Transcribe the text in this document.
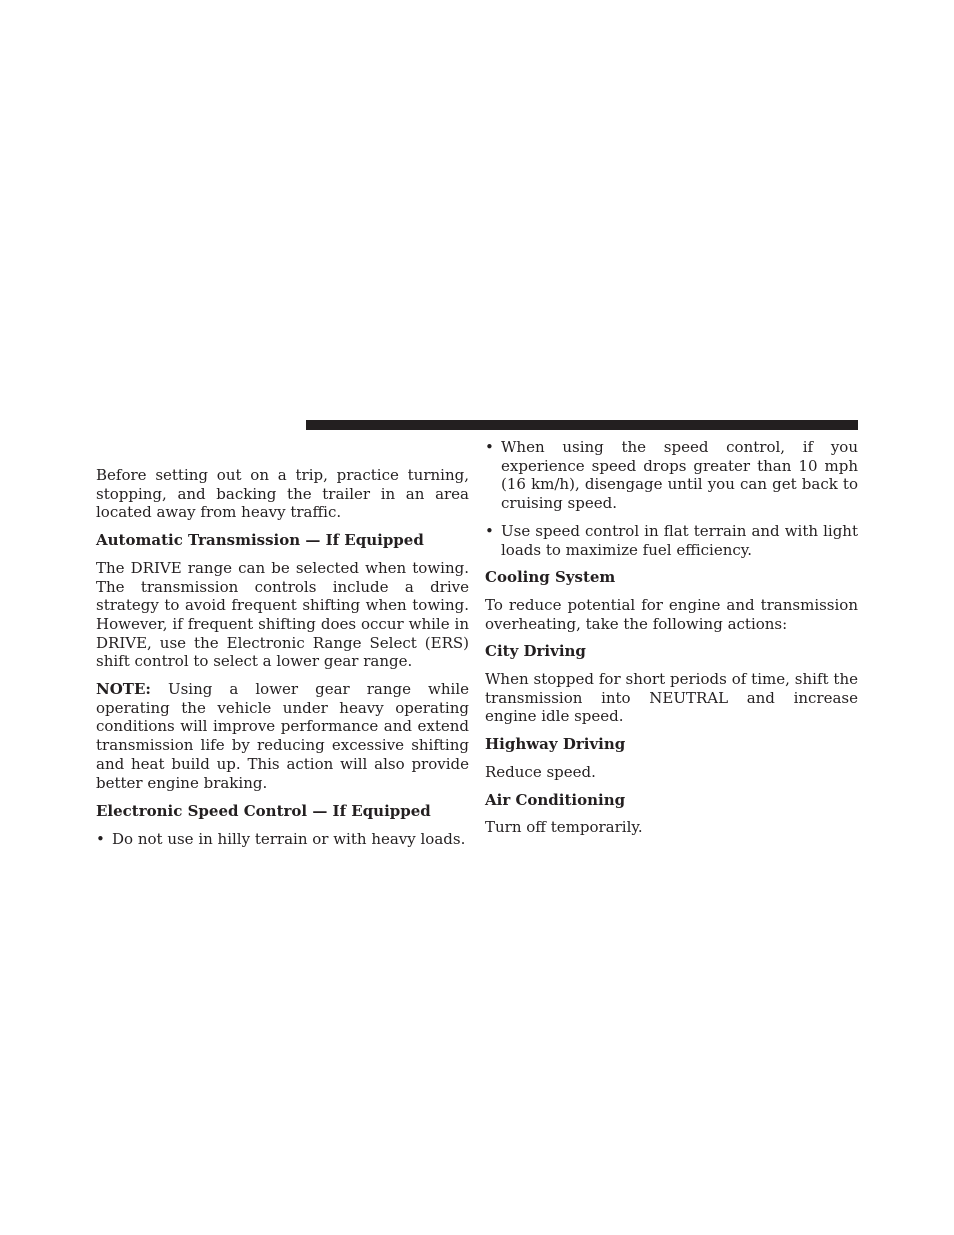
Before setting out on a trip, practice turning, stopping, and backing the trailer in an area located away from heavy traffic.

Automatic Transmission — If Equipped

The DRIVE range can be selected when towing. The transmission controls include a drive strategy to avoid frequent shifting when towing. However, if frequent shifting does occur while in DRIVE, use the Electronic Range Select (ERS) shift control to select a lower gear range.

NOTE: Using a lower gear range while operating the vehicle under heavy operating conditions will improve performance and extend transmission life by reducing excessive shifting and heat build up. This action will also provide better engine braking.

Electronic Speed Control — If Equipped
• Do not use in hilly terrain or with heavy loads.
• When using the speed control, if you experience speed drops greater than 10 mph (16 km/h), disengage until you can get back to cruising speed.
• Use speed control in flat terrain and with light loads to maximize fuel efficiency.
Cooling System

To reduce potential for engine and transmission overheating, take the following actions:

City Driving

When stopped for short periods of time, shift the transmission into NEUTRAL and increase engine idle speed.

Highway Driving

Reduce speed.

Air Conditioning

Turn off temporarily.
